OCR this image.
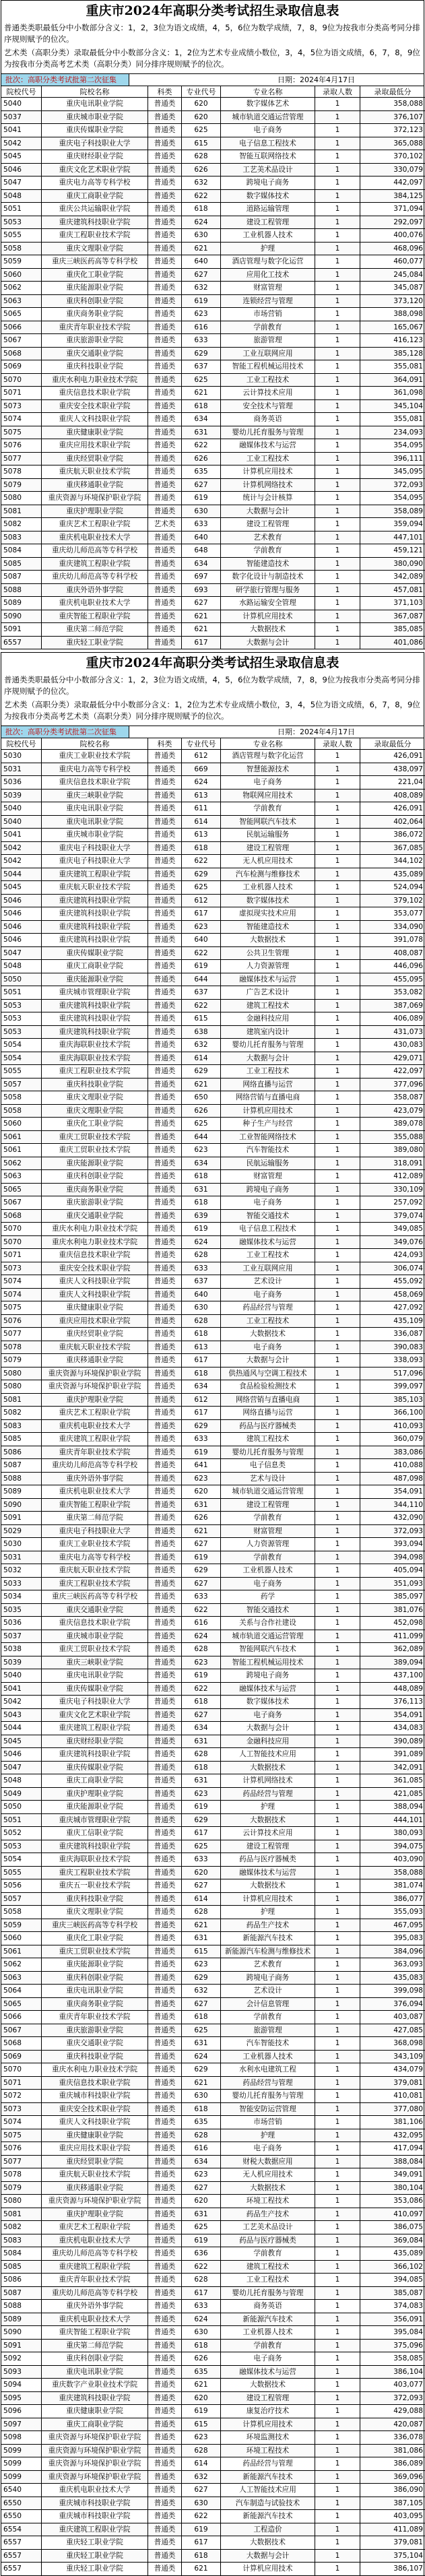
重庆市2024年高职分类考试招生录取信息表

普通类类职最低分中小数部分含义：1，2，3位为语文成绩，4，5，6位为数学成绩，7，8，9位为按我市分类高考同分排序规则赋予的位次。

艺术类（高职分类）录取最低分中小数部分含义：1，2位为艺术专业成绩小数位，3，4，5位为语文成绩，6，7，8，9位为按我市分类高考艺术类（高职分类）同分排序规则赋予的位次。

批次：高职分类考试批第二次征集	日期：2024年4月17日
院校代号	院校名称	科类	专业代号	专业名称	录取人数	录取最低分
5040	重庆电讯职业学院	普通类	620	数字媒体艺术	1	358,088
5037	重庆城市职业学院	普通类	620	城市轨道交通运营管理	1	376,107
5041	重庆传媒职业学院	普通类	625	电子商务	1	372,123
5042	重庆电子科技职业大学	普通类	615	电子信息工程技术	1	365,088
5045	重庆财经职业学院	普通类	628	智能互联网络技术	1	370,102
5046	重庆文化艺术职业学院	普通类	626	工艺美术品设计	1	330,079
5047	重庆电力高等专科学校	普通类	632	跨境电子商务	1	442,097
5048	重庆工商职业学院	普通类	622	数字媒体技术	1	384,125
5051	重庆公共运输职业学院	普通类	618	道路运输管理	1	371,094
5053	重庆建筑科技职业学院	普通类	624	建设工程管理	1	292,097
5055	重庆工程职业技术学院	普通类	630	工业机器人技术	1	400,076
5058	重庆文理职业学院	普通类	621	护理	1	468,096
5059	重庆三峡医药高等专科学校	普通类	640	酒店管理与数字化运营	1	460,077
5060	重庆化工职业学院	普通类	627	应用化工技术	1	245,084
5062	重庆能源职业学院	普通类	632	财富管理	1	345,087
5063	重庆科创职业学院	普通类	619	连锁经营与管理	1	373,120
5065	重庆商务职业学院	普通类	623	市场营销	1	388,098
5066	重庆青年职业技术学院	普通类	616	学前教育	1	165,067
5067	重庆旅游职业学院	普通类	633	旅游管理	1	416,123
5068	重庆交通职业学院	普通类	629	工业互联网应用	1	385,128
5069	重庆科技职业学院	普通类	637	智能工程机械运用技术	1	355,081
5070	重庆水利电力职业技术学院	普通类	625	工业工程技术	1	364,091
5071	重庆信息技术职业学院	普通类	621	云计算技术应用	1	361,098
5073	重庆安全技术职业学院	普通类	618	安全技术与管理	1	345,104
5074	重庆人文科技职业学院	普通类	634	商务英语	1	355,081
5075	重庆健康职业学院	普通类	631	婴幼儿托育服务与管理	1	234,093
5076	重庆应用技术职业学院	普通类	622	融媒体技术与运营	1	354,095
5077	重庆经贸职业学院	普通类	626	工业工程技术	1	396,111
5078	重庆航天职业技术学院	普通类	635	计算机应用技术	1	345,095
5079	重庆移通职业学院	普通类	627	计算机网络技术	1	372,093
5080	重庆资源与环境保护职业学院	普通类	619	统计与会计核算	1	354,095
5081	重庆护理职业学院	普通类	630	大数据与会计	1	358,089
5082	重庆艺术工程职业学院	艺术类	633	建设工程管理	1	359,094
5083	重庆机电职业技术大学	普通类	640	艺术教育	1	447,101
5084	重庆幼儿师范高等专科学校	普通类	648	学前教育	1	459,121
5085	重庆建筑工程职业学院	普通类	634	智能建造技术	1	380,090
5087	重庆幼儿师范高等专科学校	普通类	697	数字化设计与制造技术	1	342,089
5088	重庆外语外事学院	普通类	693	研学旅行管理与服务	1	457,081
5089	重庆机电职业技术大学	普通类	627	水路运输安全管理	1	371,103
5090	重庆智能工程职业学院	普通类	621	计算机应用技术	1	367,087
5091	重庆第二师范学院	普通类	621	大数据技术	1	385,085
6557	重庆轻工职业学院	普通类	617	大数据与会计	1	401,086
重庆市2024年高职分类考试招生录取信息表

普通类类职最低分中小数部分含义：1，2，3位为语文成绩，4，5，6位为数学成绩，7，8，9位为按我市分类高考同分排序规则赋予的位次。

艺术类（高职分类）录取最低分中小数部分含义：1，2位为艺术专业成绩小数位，3，4，5位为语文成绩，6，7，8，9位为按我市分类高考艺术类（高职分类）同分排序规则赋予的位次。

批次：高职分类考试批第二次征集	日期：2024年4月17日
院校代号	院校名称	科类	专业代号	专业名称	录取人数	录取最低分
5030	重庆工业职业技术学院	普通类	612	酒店管理与数字化运营	1	426,091
5031	重庆电力高等专科学校	普通类	669	智慧能源技术	1	438,097
5036	重庆信息技术职业学院	普通类	624	电子商务	1	221,04
5039	重庆三峡职业学院	普通类	613	物联网应用技术	1	408,089
5040	重庆电讯职业学院	普通类	611	学前教育	1	426,091
5040	重庆电讯职业学院	普通类	614	智能网联汽车技术	1	402,064
5041	重庆城市职业学院	普通类	613	民航运输服务	1	386,072
5042	重庆电子科技职业大学	普通类	618	建设工程管理	1	367,085
5042	重庆电子科技职业大学	普通类	622	无人机应用技术	1	344,102
5044	重庆建筑工程职业学院	普通类	629	汽车检测与维修技术	1	435,089
5045	重庆航天职业技术学院	普通类	625	工业机器人技术	1	524,094
5046	重庆建筑科技职业学院	普通类	612	数字媒体技术	1	379,102
5046	重庆建筑科技职业学院	普通类	617	虚拟现实技术应用	1	353,077
5046	重庆建筑科技职业学院	普通类	623	智能建造技术	1	334,090
5046	重庆建筑科技职业学院	普通类	640	大数据技术	1	391,078
5047	重庆传媒职业学院	普通类	622	公共卫生管理	1	408,087
5048	重庆工商职业学院	普通类	619	人力资源管理	1	446,096
5050	重庆能源职业学院	普通类	644	融媒体技术与运营	1	455,095
5051	重庆城市管理职业学院	普通类	637	广告艺术设计	1	353,082
5053	重庆建筑科技职业学院	普通类	622	建筑工程技术	1	387,069
5053	重庆建筑科技职业学院	普通类	615	金融科技应用	1	406,089
5053	重庆建筑科技职业学院	普通类	638	建筑室内设计	1	431,073
5054	重庆海联职业技术学院	普通类	632	婴幼儿托育服务与管理	1	430,083
5054	重庆海联职业技术学院	普通类	614	大数据与会计	1	429,071
5055	重庆工程职业技术学院	普通类	629	工业工程技术	1	422,097
5057	重庆科技职业学院	普通类	621	网络直播与运营	1	377,096
5058	重庆文理职业学院	普通类	650	网络营销与直播电商	1	358,087
5058	重庆文理职业学院	普通类	626	计算机应用技术	1	423,079
5060	重庆化工职业学院	普通类	625	种子生产与经营	1	389,078
5061	重庆工贸职业技术学院	普通类	644	工业智能网络技术	1	355,088
5061	重庆工贸职业技术学院	普通类	623	汽车智能技术	1	389,080
5062	重庆能源职业学院	普通类	634	民航运输服务	1	318,091
5063	重庆科创职业学院	普通类	618	财富管理	1	412,089
5065	重庆商务职业学院	普通类	631	跨境电子商务	1	330,109
5067	重庆旅游职业学院	普通类	618	电子商务	1	257,092
5068	重庆交通职业学院	普通类	639	智能交通技术	1	379,074
5070	重庆水利电力职业技术学院	普通类	619	电子信息工程技术	1	349,085
5070	重庆水利电力职业技术学院	普通类	624	融媒体技术与运营	1	349,076
5071	重庆信息技术职业学院	普通类	628	工业工程技术	1	424,093
5073	重庆安全技术职业学院	普通类	633	工业互联网应用	1	306,074
5074	重庆人文科技职业学院	普通类	637	艺术设计	1	455,092
5074	重庆人文科技职业学院	普通类	640	电子商务	1	458,069
5075	重庆健康职业学院	普通类	630	药品经营与管理	1	427,092
5076	重庆应用技术职业学院	普通类	628	工业工程技术	1	435,109
5077	重庆经贸职业学院	普通类	618	大数据技术	1	336,087
5078	重庆航天职业技术学院	普通类	613	电子商务	1	390,083
5079	重庆移通职业学院	普通类	617	大数据与会计	1	338,093
5080	重庆资源与环境保护职业学院	普通类	618	供热通风与空调工程技术	1	517,096
5080	重庆资源与环境保护职业学院	普通类	634	食品检验检测技术	1	399,097
5081	重庆护理职业学院	普通类	612	网络营销与直播电商	1	385,103
5082	重庆艺术工程职业学院	普通类	617	网络直播与运营	1	366,100
5083	重庆机电职业技术大学	普通类	629	药品与医疗器械类	1	410,093
5085	重庆建筑工程职业学院	普通类	633	建筑工程技术	1	360,079
5086	重庆青年职业技术学院	普通类	619	婴幼儿托育服务与管理	1	383,086
5087	重庆幼儿师范高等专科学校	普通类	641	电子信息类	1	410,088
5088	重庆外语外事学院	普通类	623	艺术与设计	1	487,098
5089	重庆机电职业技术大学	普通类	620	城市轨道交通运营管理	1	354,091
5090	重庆智能工程职业学院	普通类	631	建设工程管理	1	344,110
5091	重庆第二师范学院	普通类	626	学前教育	1	432,090
5029	重庆电子科技职业大学	普通类	621	财富管理	1	372,093
5030	重庆工业职业技术学院	普通类	627	人力资源管理	1	393,094
5031	重庆电力高等专科学校	普通类	619	学前教育	1	394,098
5032	重庆航天职业技术学院	普通类	629	工业机器人技术	1	405,094
5033	重庆工程职业技术学院	普通类	627	电子商务	1	351,093
5034	重庆三峡医药高等专科学校	普通类	633	药学	1	385,097
5035	重庆交通职业学院	普通类	622	智能交通技术	1	381,076
5036	重庆信息技术职业学院	普通类	616	关系与合作社建设	1	452,098
5037	重庆城市职业学院	普通类	624	城市轨道交通运营管理	1	411,099
5038	重庆工贸职业技术学院	普通类	628	智能网联汽车技术	1	362,089
5039	重庆三峡职业学院	普通类	623	智能工程机械运用技术	1	389,094
5040	重庆电讯职业学院	普通类	619	跨境电子商务	1	437,100
5041	重庆传媒职业学院	普通类	622	融媒体技术与运营	1	448,089
5042	重庆电子科技职业大学	普通类	618	数字媒体技术	1	376,113
5043	重庆文化艺术职业学院	普通类	627	电子商务	1	354,091
5044	重庆建筑工程职业学院	普通类	634	大数据与会计	1	434,083
5045	重庆财经职业学院	普通类	631	金融科技应用	1	390,089
5046	重庆建筑科技职业学院	普通类	628	人工智能技术应用	1	391,089
5047	重庆传媒职业学院	普通类	618	大数据技术	1	342,091
5048	重庆工商职业学院	普通类	631	计算机网络技术	1	361,085
5049	重庆护理职业学院	普通类	623	药品经营与管理	1	421,085
5050	重庆能源职业学院	普通类	619	护理	1	388,094
5051	重庆城市管理职业学院	普通类	629	大数据技术	1	444,101
5052	重庆工信职业学院	普通类	617	云计算技术应用	1	380,093
5053	重庆建筑科技职业学院	普通类	625	建设工程管理	1	394,075
5054	重庆海联职业技术学院	普通类	633	药品与医疗器械类	1	403,090
5055	重庆工程职业技术学院	普通类	620	融媒体技术与运营	1	358,088
5056	重庆五一职业技术学院	普通类	627	大数据技术	1	381,074
5057	重庆科技职业学院	普通类	614	计算机应用技术	1	386,077
5058	重庆文理职业学院	普通类	628	护理	1	355,093
5059	重庆三峡医药高等专科学校	普通类	621	药品生产技术	1	467,095
5060	重庆化工职业学院	普通类	631	新能源汽车技术	1	395,083
5061	重庆工贸职业技术学院	普通类	615	新能源汽车检测与维修技术	1	384,096
5062	重庆能源职业学院	普通类	623	艺术教育	1	363,093
5063	重庆科创职业学院	普通类	629	跨境电子商务	1	435,083
5064	重庆电讯职业学院	普通类	632	艺术设计	1	399,098
5065	重庆商务职业学院	普通类	627	会计信息管理	1	376,094
5066	重庆青年职业技术学院	普通类	618	学前教育	1	403,087
5067	重庆旅游职业学院	普通类	625	旅游管理	1	427,085
5068	重庆交通职业学院	普通类	631	汽车智能技术	1	368,098
5069	重庆科技职业学院	普通类	624	工业机器人技术	1	343,109
5070	重庆水利电力职业技术学院	普通类	629	水利水电建筑工程	1	434,079
5071	重庆信息技术职业学院	普通类	621	药品经营与管理	1	379,081
5072	重庆城市科技职业学院	普通类	630	婴幼儿托育服务与管理	1	410,081
5073	重庆安全技术职业学院	普通类	618	智能安防运营管理	1	377,080
5074	重庆人文科技职业学院	普通类	635	市场营销	1	381,106
5075	重庆健康职业学院	普通类	628	护理	1	432,095
5076	重庆应用技术职业学院	普通类	616	电子商务	1	417,094
5077	重庆经贸职业学院	普通类	634	财税大数据应用	1	388,084
5078	重庆航天职业技术学院	普通类	623	无人机应用技术	1	349,091
5079	重庆移通职业学院	普通类	627	大数据技术	1	380,104
5080	重庆资源与环境保护职业学院	普通类	620	环境工程技术	1	353,086
5081	重庆护理职业学院	普通类	631	药品生产技术	1	410,097
5082	重庆艺术工程职业学院	普通类	625	工艺美术品设计	1	386,075
5083	重庆机电职业技术大学	普通类	619	药品与医疗器械类	1	369,084
5084	重庆幼儿师范高等专科学校	普通类	636	学前教育	1	435,089
5085	重庆建筑工程职业学院	普通类	622	建筑工程技术	1	366,102
5086	重庆青年职业技术学院	普通类	628	工业工程技术	1	394,085
5087	重庆幼儿师范高等专科学校	普通类	617	婴幼儿托育服务与管理	1	385,087
5088	重庆外语外事学院	普通类	633	商务英语	1	374,083
5089	重庆机电职业技术大学	普通类	624	新能源汽车技术	1	356,091
5090	重庆智能工程职业学院	普通类	630	工业机器人技术	1	395,084
5091	重庆第二师范学院	普通类	618	学前教育	1	375,096
5092	重庆科创职业学院	普通类	626	电子商务	1	358,085
5093	重庆电讯职业学院	普通类	635	融媒体技术与运营	1	386,104
5094	重庆数字产业职业技术学院	普通类	621	大数据技术	1	403,077
5095	重庆建筑科技职业学院	普通类	620	建设工程管理	1	372,093
5096	重庆健康职业学院	普通类	619	康复治疗技术	1	429,088
5097	重庆工商职业学院	普通类	615	计算机应用技术	1	420,087
5098	重庆资源与环境保护职业学院	普通类	623	环境监测技术	1	336,078
5099	重庆资源与环境保护职业学院	普通类	628	环境工程技术	1	381,086
5099	重庆资源与环境保护职业学院	普通类	614	药品经营与管理	1	386,089
5099	重庆资源与环境保护职业学院	普通类	632	新能源汽车技术	1	369,096
6540	重庆机电职业技术大学	普通类	627	人工智能技术应用	1	386,090
6550	重庆城市科技职业学院	普通类	630	汽车制造与试验技术	1	387,105
6550	重庆城市科技职业学院	普通类	622	新能源汽车技术	1	403,095
6554	重庆建筑工程职业学院	普通类	619	工程造价	1	411,089
6557	重庆轻工职业学院	普通类	617	大数据技术	1	379,081
6557	重庆轻工职业学院	普通类	618	大数据与会计	1	375,104
6557	重庆轻工职业学院	普通类	621	计算机应用技术	1	386,107
